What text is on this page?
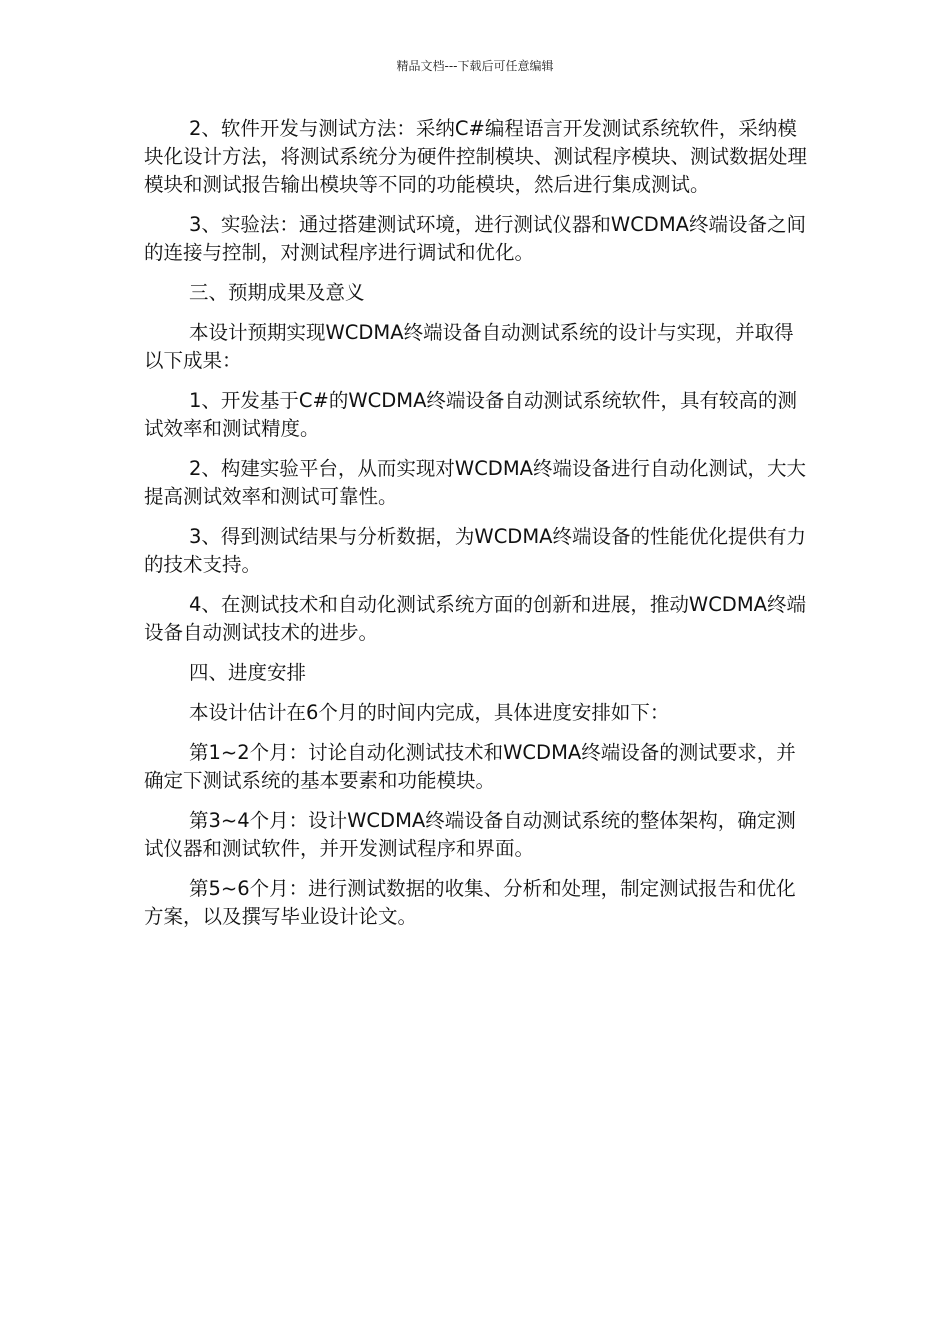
精品文档---下载后可任意编辑

2、软件开发与测试方法：采纳C#编程语言开发测试系统软件，采纳模块化设计方法，将测试系统分为硬件控制模块、测试程序模块、测试数据处理模块和测试报告输出模块等不同的功能模块，然后进行集成测试。

3、实验法：通过搭建测试环境，进行测试仪器和WCDMA终端设备之间的连接与控制，对测试程序进行调试和优化。

三、预期成果及意义

本设计预期实现WCDMA终端设备自动测试系统的设计与实现，并取得以下成果：

1、开发基于C#的WCDMA终端设备自动测试系统软件，具有较高的测试效率和测试精度。

2、构建实验平台，从而实现对WCDMA终端设备进行自动化测试，大大提高测试效率和测试可靠性。

3、得到测试结果与分析数据，为WCDMA终端设备的性能优化提供有力的技术支持。

4、在测试技术和自动化测试系统方面的创新和进展，推动WCDMA终端设备自动测试技术的进步。

四、进度安排

本设计估计在6个月的时间内完成，具体进度安排如下：

第1~2个月：讨论自动化测试技术和WCDMA终端设备的测试要求，并确定下测试系统的基本要素和功能模块。

第3~4个月：设计WCDMA终端设备自动测试系统的整体架构，确定测试仪器和测试软件，并开发测试程序和界面。

第5~6个月：进行测试数据的收集、分析和处理，制定测试报告和优化方案，以及撰写毕业设计论文。
